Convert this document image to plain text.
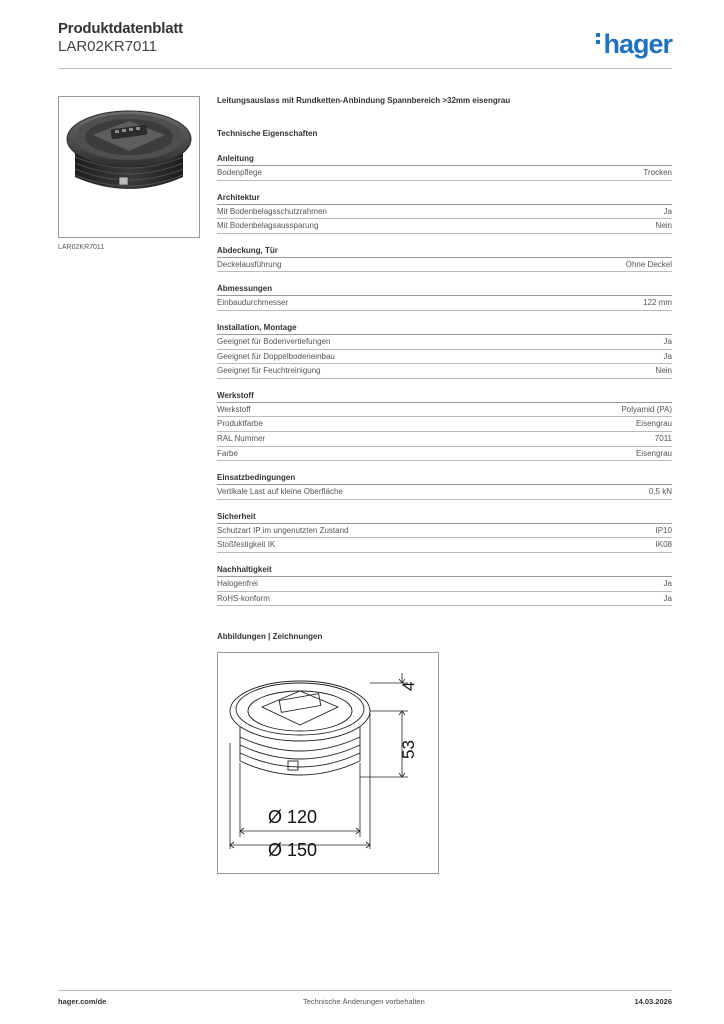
Produktdatenblatt
LAR02KR7011	hager
LAR02KR7011
Leitungsauslass mit Rundketten-Anbindung Spannbereich >32mm eisengrau
Technische Eigenschaften
Anleitung
Bodenpflege	Trocken
Architektur
Mit Bodenbelagsschutzrahmen	Ja
Mit Bodenbelagsaussparung	Nein
Abdeckung, Tür
Deckelausführung	Ohne Deckel
Abmessungen
Einbaudurchmesser	122 mm
Installation, Montage
Geeignet für Bodenvertiefungen	Ja
Geeignet für Doppelbodeneinbau	Ja
Geeignet für Feuchtreinigung	Nein
Werkstoff
Werkstoff	Polyamid (PA)
Produktfarbe	Eisengrau
RAL Nummer	7011
Farbe	Eisengrau
Einsatzbedingungen
Vertikale Last auf kleine Oberfläche	0,5 kN
Sicherheit
Schutzart IP im ungenutzten Zustand	IP10
Stoßfestigkeit IK	IK08
Nachhaltigkeit
Halogenfrei	Ja
RoHS-konform	Ja
Abbildungen | Zeichnungen
4
53
Ø 120
Ø 150
hager.com/de	Technische Änderungen vorbehalten	14.03.2026
